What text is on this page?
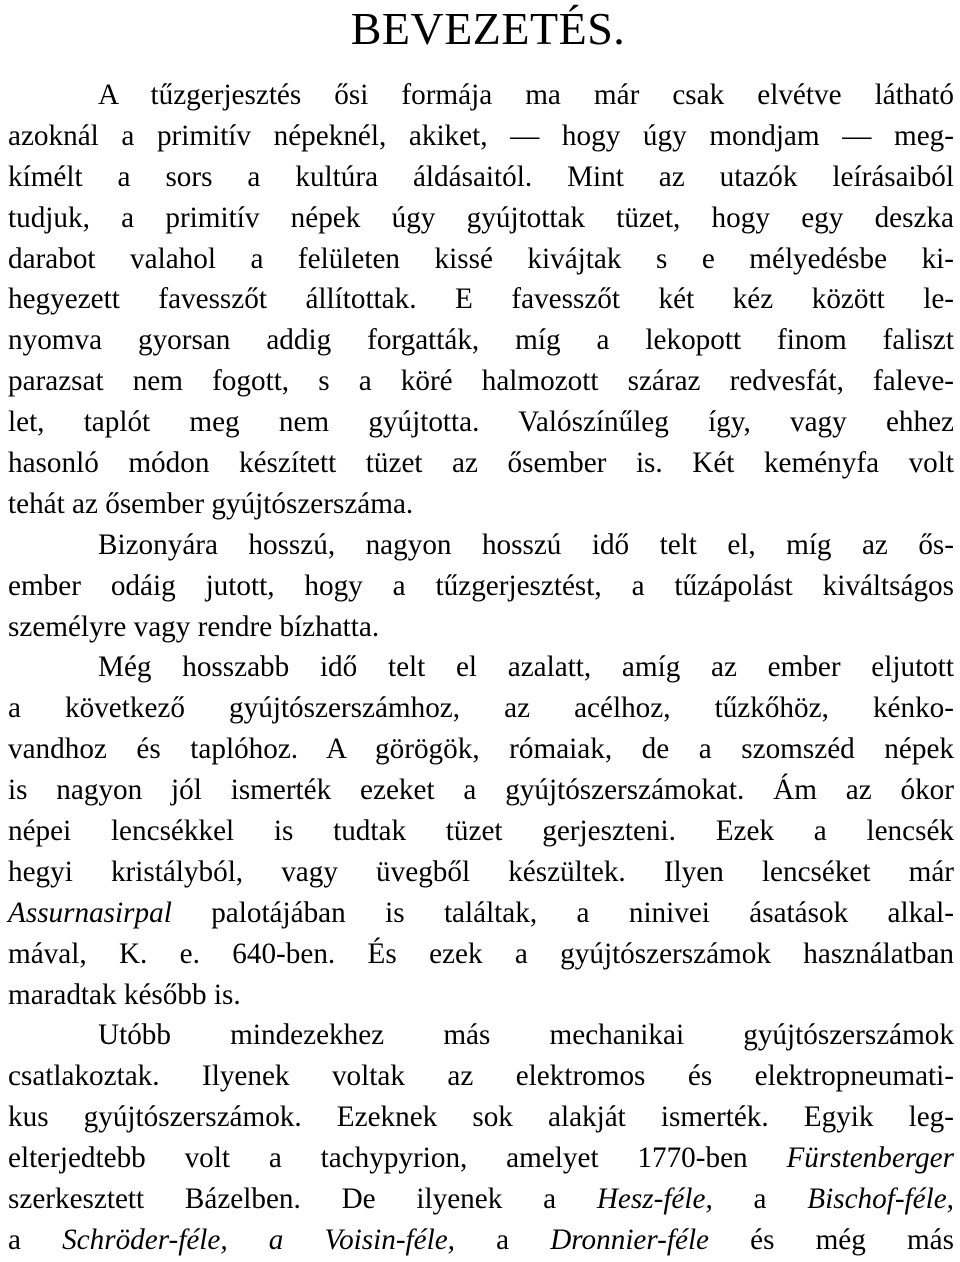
BEVEZETÉS.
A tűzgerjesztés ősi formája ma már csak elvétve látható
azoknál a primitív népeknél, akiket, — hogy úgy mondjam — meg-
kímélt a sors a kultúra áldásaitól. Mint az utazók leírásaiból
tudjuk, a primitív népek úgy gyújtottak tüzet, hogy egy deszka
darabot valahol a felületen kissé kivájtak s e mélyedésbe ki-
hegyezett favesszőt állítottak. E favesszőt két kéz között le-
nyomva gyorsan addig forgatták, míg a lekopott finom faliszt
parazsat nem fogott, s a köré halmozott száraz redvesfát, faleve-
let, taplót meg nem gyújtotta. Valószínűleg így, vagy ehhez
hasonló módon készített tüzet az ősember is. Két keményfa volt
tehát az ősember gyújtószerszáma.
Bizonyára hosszú, nagyon hosszú idő telt el, míg az ős-
ember odáig jutott, hogy a tűzgerjesztést, a tűzápolást kiváltságos
személyre vagy rendre bízhatta.
Még hosszabb idő telt el azalatt, amíg az ember eljutott
a következő gyújtószerszámhoz, az acélhoz, tűzkőhöz, kénko-
vandhoz és taplóhoz. A görögök, rómaiak, de a szomszéd népek
is nagyon jól ismerték ezeket a gyújtószerszámokat. Ám az ókor
népei lencsékkel is tudtak tüzet gerjeszteni. Ezek a lencsék
hegyi kristályból, vagy üvegből készültek. Ilyen lencséket már
Assurnasirpal palotájában is találtak, a ninivei ásatások alkal-
mával, K. e. 640-ben. És ezek a gyújtószerszámok használatban
maradtak később is.
Utóbb mindezekhez más mechanikai gyújtószerszámok
csatlakoztak. Ilyenek voltak az elektromos és elektropneumati-
kus gyújtószerszámok. Ezeknek sok alakját ismerték. Egyik leg-
elterjedtebb volt a tachypyrion, amelyet 1770-ben Fürstenberger
szerkesztett Bázelben. De ilyenek a Hesz-féle, a Bischof-féle,
a Schröder-féle, a Voisin-féle, a Dronnier-féle és még más
